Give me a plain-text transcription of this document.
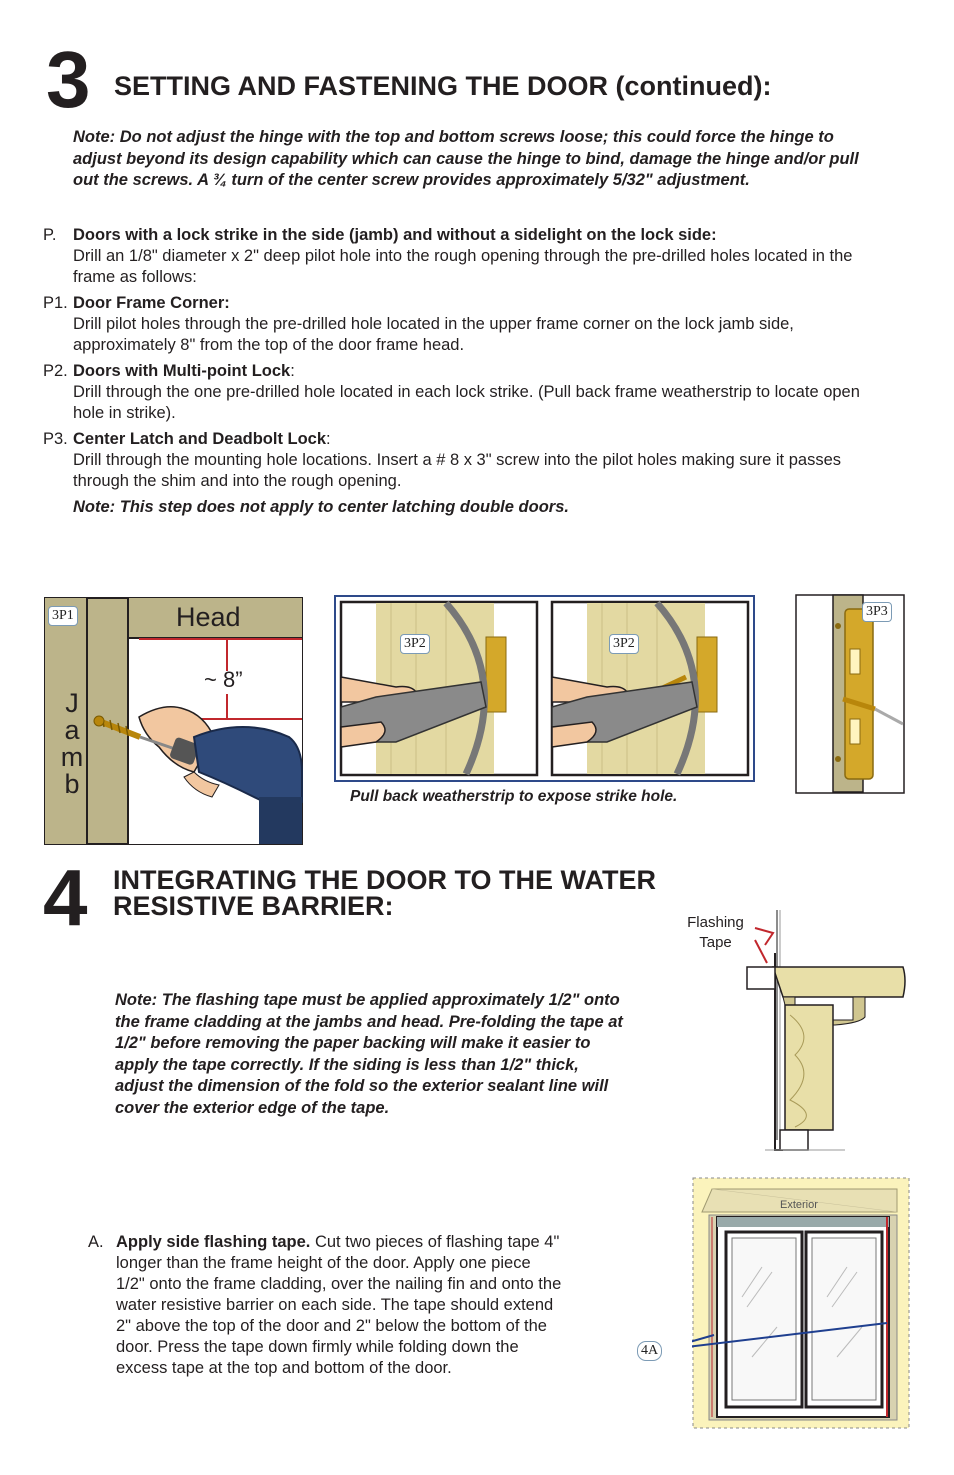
3 SETTING AND FASTENING THE DOOR (continued):
Note: Do not adjust the hinge with the top and bottom screws loose; this could force the hinge to adjust beyond its design capability which can cause the hinge to bind, damage the hinge and/or pull out the screws. A ¾ turn of the center screw provides approximately 5/32" adjustment.
P. Doors with a lock strike in the side (jamb) and without a sidelight on the lock side:
Drill an 1/8" diameter x 2" deep pilot hole into the rough opening through the pre-drilled holes located in the frame as follows:
P1. Door Frame Corner:
Drill pilot holes through the pre-drilled hole located in the upper frame corner on the lock jamb side, approximately 8" from the top of the door frame head.
P2. Doors with Multi-point Lock:
Drill through the one pre-drilled hole located in each lock strike. (Pull back frame weatherstrip to locate open hole in strike).
P3. Center Latch and Deadbolt Lock:
Drill through the mounting hole locations. Insert a # 8 x 3" screw into the pilot holes making sure it passes through the shim and into the rough opening.
Note: This step does not apply to center latching double doors.
3P1	Head
~ 8”
J
a
m
b
3P2	3P2
Pull back weatherstrip to expose strike hole.
3P3
4 INTEGRATING THE DOOR TO THE WATER
RESISTIVE BARRIER:
Flashing
Tape
Note: The flashing tape must be applied approximately 1/2" onto the frame cladding at the jambs and head. Pre-folding the tape at 1/2" before removing the paper backing will make it easier to apply the tape correctly. If the siding is less than 1/2" thick, adjust the dimension of the fold so the exterior sealant line will cover the exterior edge of the tape.
A. Apply side flashing tape. Cut two pieces of flashing tape 4" longer than the frame height of the door. Apply one piece 1/2" onto the frame cladding, over the nailing fin and onto the water resistive barrier on each side. The tape should extend 2" above the top of the door and 2" below the bottom of the door. Press the tape down firmly while folding down the excess tape at the top and bottom of the door.
Exterior
4A
